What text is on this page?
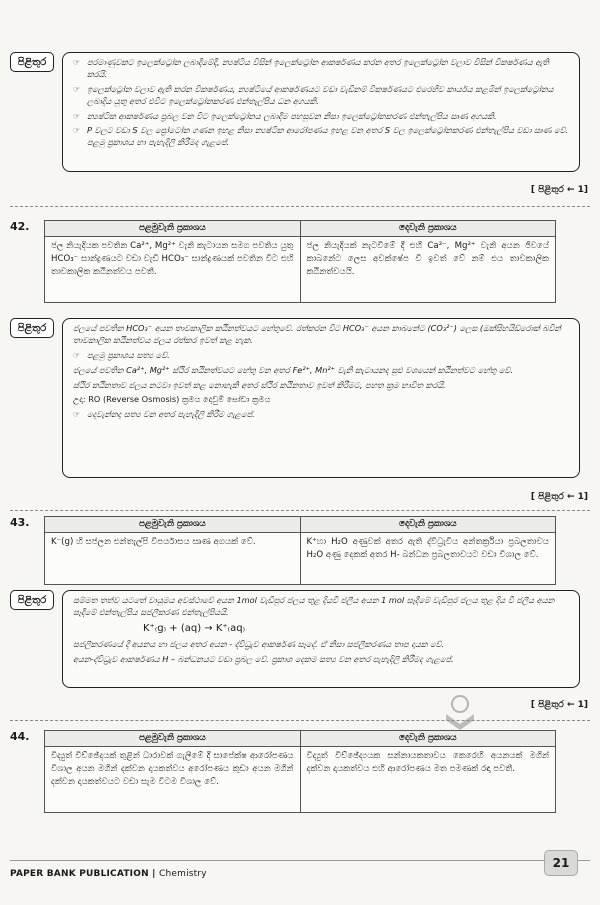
පිළිතුර	☞ පරමාණුවකට ඉලෙක්ට්‍රෝන ලබාදීමේදී, න්‍යෂ්ටිය විසින් ඉලෙක්ට්‍රෝන ආකර්ෂණය කරන අතර ඉලෙක්ට්‍රෝන වලාව විසින් විකර්ෂණය ඇති කරයි.

☞ ඉලෙක්ට්‍රෝන වලාව ඇති කරන විකර්ෂණය, න්‍යෂ්ටියේ ආකර්ෂණයට වඩා වැඩිනම් විකර්ෂණයට එරෙහිව කාර්යය කළමින් ඉලෙක්ට්‍රෝනය ලබාදිය යුතු අතර එවිට ඉලෙක්ට්‍රෝනකරණ එන්තැල්පිය ධන අගයකි.

☞ න්‍යෂ්ටික ආකර්ෂණය ප්‍රබල වන විට ඉලෙක්ට්‍රෝනය ලබාදීම පහසුවන නිසා ඉලෙක්ට්‍රෝනකරණ එන්තැල්පිය ඍණ අගයකි.

☞ P වලට වඩා S වල ප්‍රෝටෝන ගණන ඉහළ නිසා න්‍යෂ්ටික ආරෝපණය ඉහළ වන අතර S වල ඉලෙක්ට්‍රෝනකරණ එන්තැල්පිය වඩා ඍණ වේ. පළමු ප්‍රකාශය හා පැහැදිලි කිරීමද ගැළපේ.

[ පිළිතුර ← 1]
42.	පළමුවැනි ප්‍රකාශය	දෙවැනි ප්‍රකාශය
ජල නියැදියක පවතින Ca²⁺, Mg²⁺ වැනි කැටායන සමග පවතිය යුතු HCO₃⁻ සාන්ද්‍රණයට වඩා වැඩි HCO₃⁻ සාන්ද්‍රණයක් පවතින විට එහි තාවකාලික කඨිනත්වය පවතී.	ජල නියැදියක් නැටවීමේ දී එහි Ca²⁻, Mg²⁺ වැනි අයන ජිවයේ කාබනේට ලෙස අවක්ෂේප වී ඉවත් වේ නම් එය තාවකාලික කඨිනත්වයයි.
පිළිතුර	ජලයේ පවතින HCO₃⁻ අයන තාවකාලික කඨිනත්වයට හේතුවේ. රත්කරන විට HCO₃⁻ අයන කාබනේට (CO₃²⁻) ලෙස (ඔක්සිහයිඩ්රොක් බවින් තාවකාලික කඨිනත්වය ජලය රත්කර ඉවත් කළ හැක.

☞ පළමු ප්‍රකාශය සත්‍ය වේ.

ජලයේ පවතින Ca²⁺, Mg²⁺ ස්ථිර කඨිනත්වයට හේතු වන අතර Fe²⁺, Mn²⁺ වැනි කැටායනද සුළු වශයෙන් කඨිනත්වට හේතු වේ.

ස්ථිර කඨිනතාව ජලය නටවා ඉවත් කළ නොහැකි අතර ස්ථිර කඨිනතාව ඉවත් කිරීමට, පහත ක්‍රම භාවිත කරයි.

උදා: RO (Reverse Osmosis) ක්‍රමය දෙවුම් සෝඩා ක්‍රමය

☞ දෙවැන්නද සත්‍ය වන අතර පැහැදිලි කිරීම ගැළපේ.

[ පිළිතුර ← 1]
43.	පළමුවැනි ප්‍රකාශය	දෙවැනි ප්‍රකාශය
K⁻(g) හි සජලන එන්තැල්පි විපර්යාසය ඍණ අගයක් වේ.	K⁺හා H₂O අණුවක් අතර ඇති ද්විධ්‍රැවීය අන්තර්ක්‍රියා ප්‍රබලතාවය H₂O අණු දෙකක් අතර H- බන්ධන ප්‍රබලතාවයට වඩා විශාල වේ.
පිළිතුර	සම්මත තත්ව යටතේ වායුමය අවස්ථාවේ අයන 1mol වැඩිපුර ජලය තුළ දියවී ජලීය අයන 1 mol සෑදීමේ වැඩිපුර ජලය තුළ දිය වී ජලීය අයන සෑදීමේ එන්තැල්පිය සජලීකරණ එන්තැල්පියයි.

K⁺₍g₎ + (aq) → K⁺₍aq₎

සජලීකරණයේ දී අයනය හා ජලය අතර අයන - ද්විධ්‍රැව ආකර්ෂණ සෑදේ. ඒ නිසා සජලීකරණය තාප දායක වේ.

අයන-ද්විධ්‍රැව ආකර්ෂණය H – බන්ධනයට වඩා ප්‍රබල වේ. ප්‍රකාශ දෙකම සත්‍ය වන අතර පැහැදිලි කිරීමද ගැළපේ.

[ පිළිතුර ← 1]
44.	පළමුවැනි ප්‍රකාශය	දෙවැනි ප්‍රකාශය
විද්‍යුත් විච්ඡේදයක් තුළින් ධාරාවක් ගැලීමේ දී සාපේක්ෂ ආරෝපණය විශාල අයන මගින් දක්වන දායකත්වය අරෝපණය කුඩා අයන මගින් දක්වන දායකත්වයට වඩා සැම විටම විශාල වේ.	විද්‍යුත් විච්ඡේද්‍යයක සන්නායකතාවය කෙරෙහි අයනයක් මගින් දක්වන දායකත්වය එහි ආරෝපණය මත පමණක් රඳා පවතී.
PAPER BANK PUBLICATION | Chemistry
21
